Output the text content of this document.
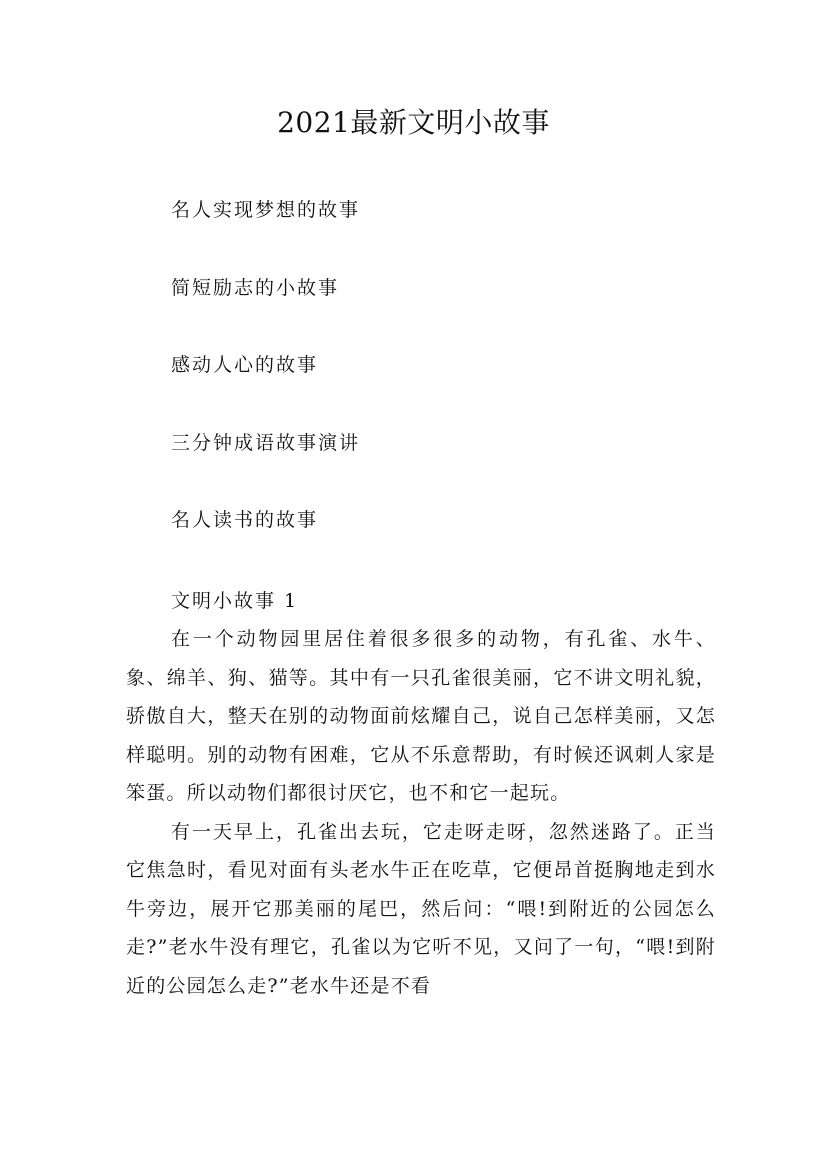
2021最新文明小故事
名人实现梦想的故事
简短励志的小故事
感动人心的故事
三分钟成语故事演讲
名人读书的故事
文明小故事 1

在一个动物园里居住着很多很多的动物，有孔雀、水牛、象、绵羊、狗、猫等。其中有一只孔雀很美丽，它不讲文明礼貌，骄傲自大，整天在别的动物面前炫耀自己，说自己怎样美丽，又怎样聪明。别的动物有困难，它从不乐意帮助，有时候还讽刺人家是笨蛋。所以动物们都很讨厌它，也不和它一起玩。

有一天早上，孔雀出去玩，它走呀走呀，忽然迷路了。正当它焦急时，看见对面有头老水牛正在吃草，它便昂首挺胸地走到水牛旁边，展开它那美丽的尾巴，然后问：“喂!到附近的公园怎么走?”老水牛没有理它，孔雀以为它听不见，又问了一句，“喂!到附近的公园怎么走?”老水牛还是不看
